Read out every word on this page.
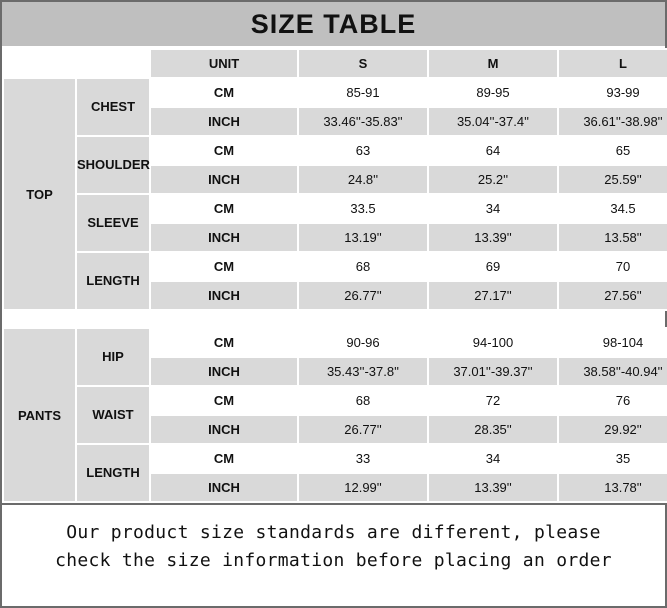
SIZE TABLE
		UNIT	S	M	L
TOP	CHEST	CM	85-91	89-95	93-99
		INCH	33.46''-35.83''	35.04''-37.4''	36.61''-38.98''
	SHOULDER	CM	63	64	65
		INCH	24.8''	25.2''	25.59''
	SLEEVE	CM	33.5	34	34.5
		INCH	13.19''	13.39''	13.58''
	LENGTH	CM	68	69	70
		INCH	26.77''	27.17''	27.56''
PANTS	HIP	CM	90-96	94-100	98-104
		INCH	35.43''-37.8''	37.01''-39.37''	38.58''-40.94''
	WAIST	CM	68	72	76
		INCH	26.77''	28.35''	29.92''
	LENGTH	CM	33	34	35
		INCH	12.99''	13.39''	13.78''
Our product size standards are different, please
check the size information before placing an order
